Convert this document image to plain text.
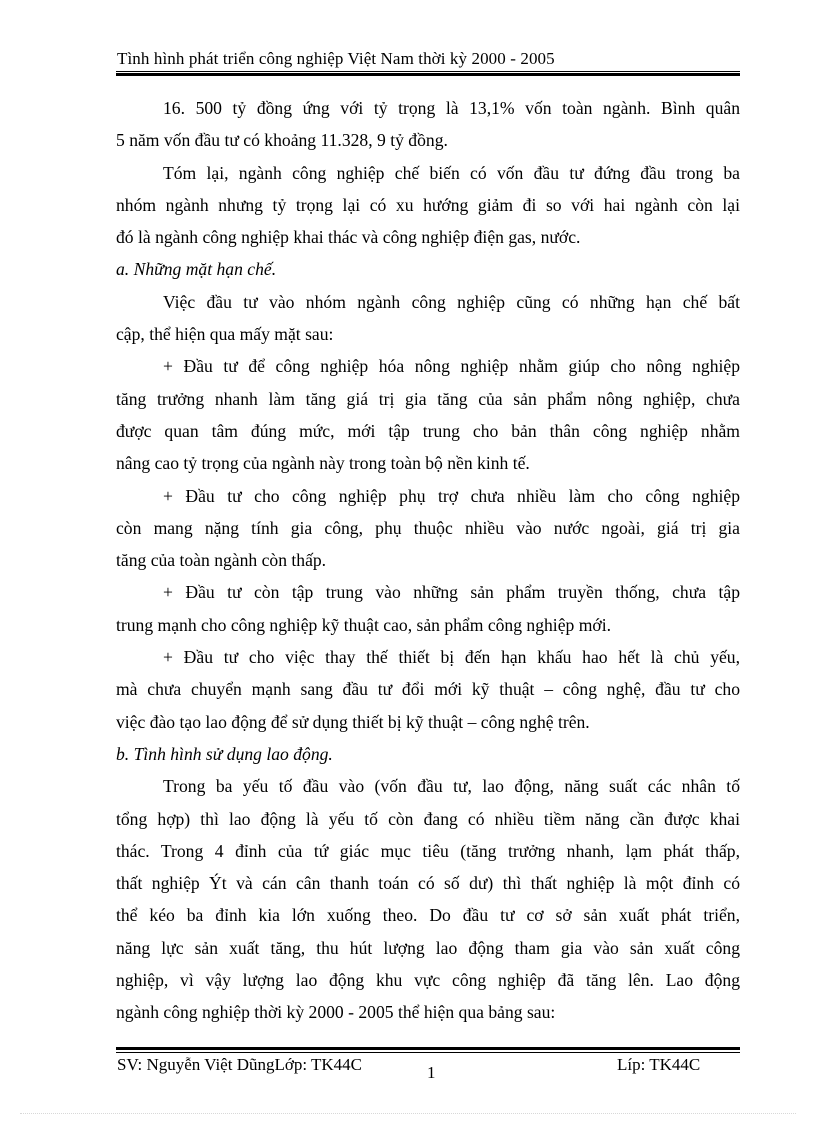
Tình hình phát triển công nghiệp Việt Nam thời kỳ 2000 - 2005

16. 500 tỷ đồng ứng với tỷ trọng là 13,1% vốn toàn ngành. Bình quân

5 năm vốn đầu tư có khoảng 11.328, 9 tỷ đồng.

Tóm lại, ngành công nghiệp chế biến có vốn đầu tư đứng đầu trong ba

nhóm ngành nhưng tỷ trọng lại có xu hướng giảm đi so với hai ngành còn lại

đó là ngành công nghiệp khai thác và công nghiệp điện gas, nước.

a. Những mặt hạn chế.

Việc đầu tư vào nhóm ngành công nghiệp cũng có những hạn chế bất

cập, thể hiện qua mấy mặt sau:

+ Đầu tư để công nghiệp hóa nông nghiệp nhằm giúp cho nông nghiệp

tăng trưởng nhanh làm tăng giá trị gia tăng của sản phẩm nông nghiệp, chưa

được quan tâm đúng mức, mới tập trung cho bản thân công nghiệp nhằm

nâng cao tỷ trọng của ngành này trong toàn bộ nền kinh tế.

+ Đầu tư cho công nghiệp phụ trợ chưa nhiều làm cho công nghiệp

còn mang nặng tính gia công, phụ thuộc nhiều vào nước ngoài, giá trị gia

tăng của toàn ngành còn thấp.

+ Đầu tư còn tập trung vào những sản phẩm truyền thống, chưa tập

trung mạnh cho công nghiệp kỹ thuật cao, sản phẩm công nghiệp mới.

+ Đầu tư cho việc thay thế thiết bị đến hạn khấu hao hết là chủ yếu,

mà chưa chuyển mạnh sang đầu tư đổi mới kỹ thuật – công nghệ, đầu tư cho

việc đào tạo lao động để sử dụng thiết bị kỹ thuật – công nghệ trên.

b. Tình hình sử dụng lao động.

Trong ba yếu tố đầu vào (vốn đầu tư, lao động, năng suất các nhân tố

tổng hợp) thì lao động là yếu tố còn đang có nhiều tiềm năng cần được khai

thác. Trong 4 đỉnh của tứ giác mục tiêu (tăng trưởng nhanh, lạm phát thấp,

thất nghiệp Ýt và cán cân thanh toán có số dư) thì thất nghiệp là một đỉnh có

thể kéo ba đỉnh kia lớn xuống theo. Do đầu tư cơ sở sản xuất phát triển,

năng lực sản xuất tăng, thu hút lượng lao động tham gia vào sản xuất công

nghiệp, vì vậy lượng lao động khu vực công nghiệp đã tăng lên. Lao động

ngành công nghiệp thời kỳ 2000 - 2005 thể hiện qua bảng sau:

SV: Nguyễn Việt DũngLớp: TK44C	1	Líp: TK44C
